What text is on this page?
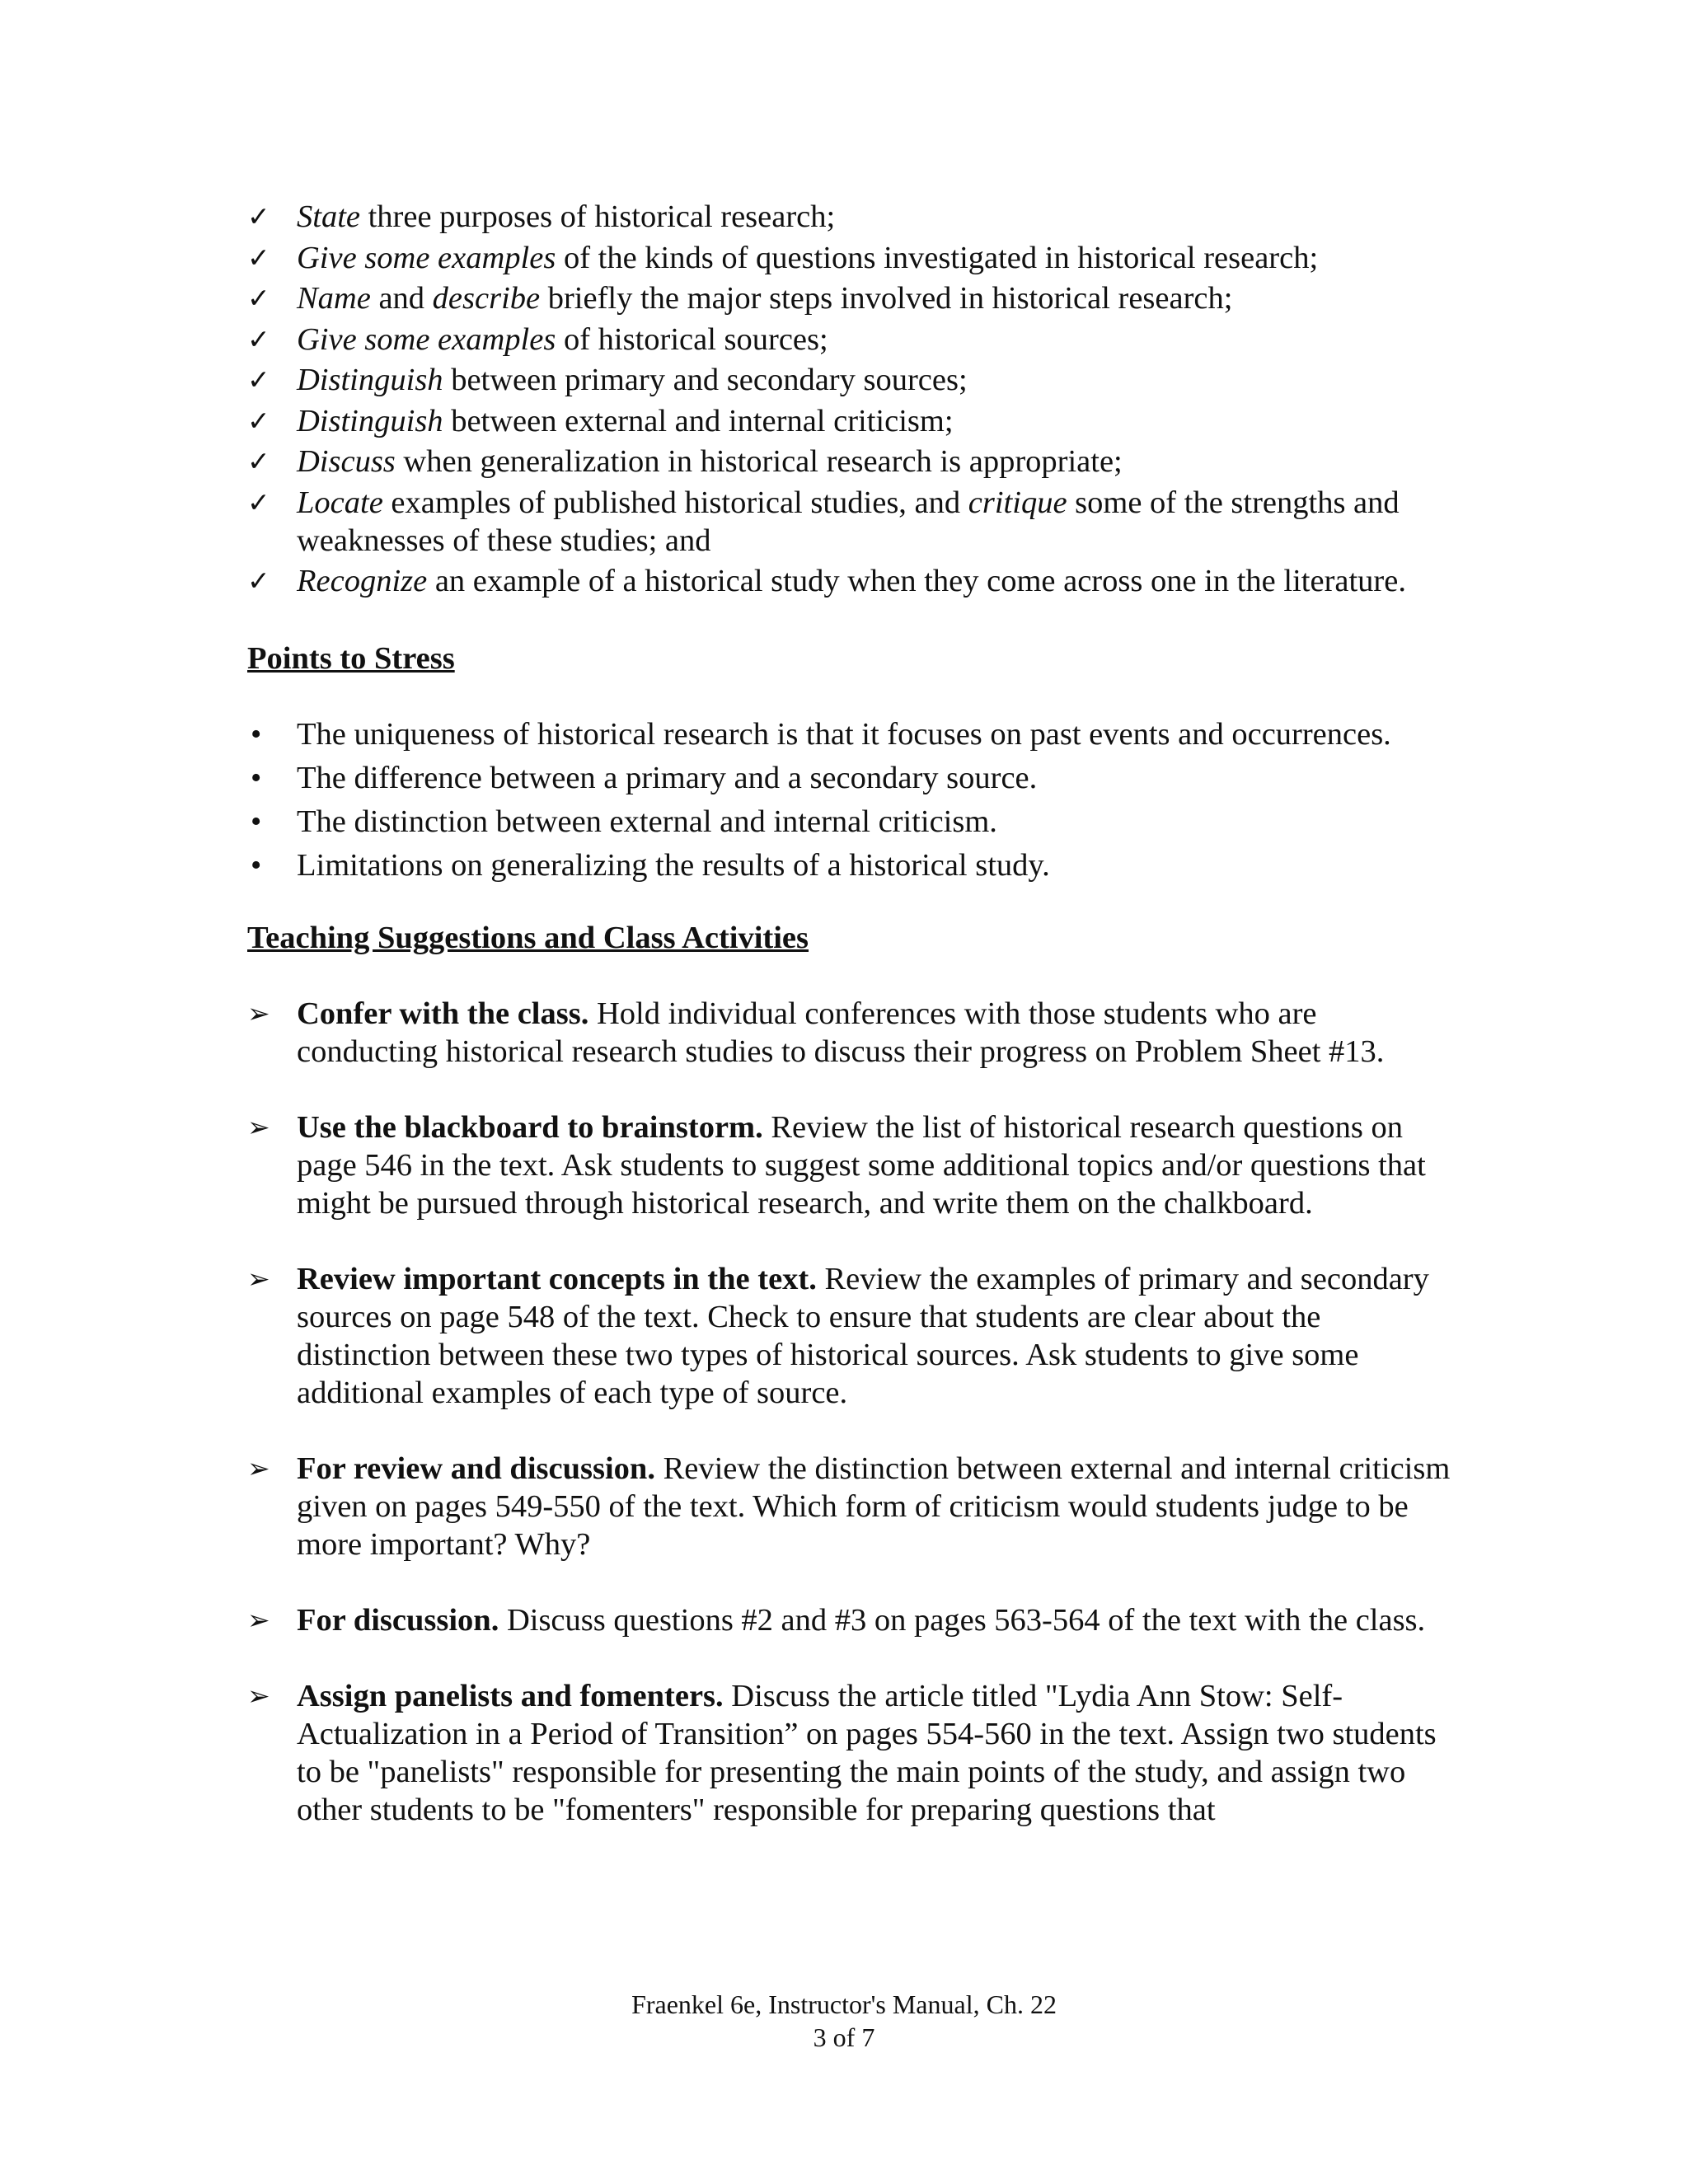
✓ State three purposes of historical research;
✓ Give some examples of the kinds of questions investigated in historical research;
✓ Name and describe briefly the major steps involved in historical research;
✓ Give some examples of historical sources;
✓ Distinguish between primary and secondary sources;
✓ Distinguish between external and internal criticism;
✓ Discuss when generalization in historical research is appropriate;
✓ Locate examples of published historical studies, and critique some of the strengths and weaknesses of these studies; and
✓ Recognize an example of a historical study when they come across one in the literature.

Points to Stress

• The uniqueness of historical research is that it focuses on past events and occurrences.
• The difference between a primary and a secondary source.
• The distinction between external and internal criticism.
• Limitations on generalizing the results of a historical study.

Teaching Suggestions and Class Activities

➢ Confer with the class. Hold individual conferences with those students who are conducting historical research studies to discuss their progress on Problem Sheet #13.
➢ Use the blackboard to brainstorm. Review the list of historical research questions on page 546 in the text. Ask students to suggest some additional topics and/or questions that might be pursued through historical research, and write them on the chalkboard.
➢ Review important concepts in the text. Review the examples of primary and secondary sources on page 548 of the text. Check to ensure that students are clear about the distinction between these two types of historical sources. Ask students to give some additional examples of each type of source.
➢ For review and discussion. Review the distinction between external and internal criticism given on pages 549-550 of the text. Which form of criticism would students judge to be more important? Why?
➢ For discussion. Discuss questions #2 and #3 on pages 563-564 of the text with the class.
➢ Assign panelists and fomenters. Discuss the article titled "Lydia Ann Stow: Self-Actualization in a Period of Transition” on pages 554-560 in the text. Assign two students to be "panelists" responsible for presenting the main points of the study, and assign two other students to be "fomenters" responsible for preparing questions that
Fraenkel 6e, Instructor's Manual, Ch. 22
3 of 7
